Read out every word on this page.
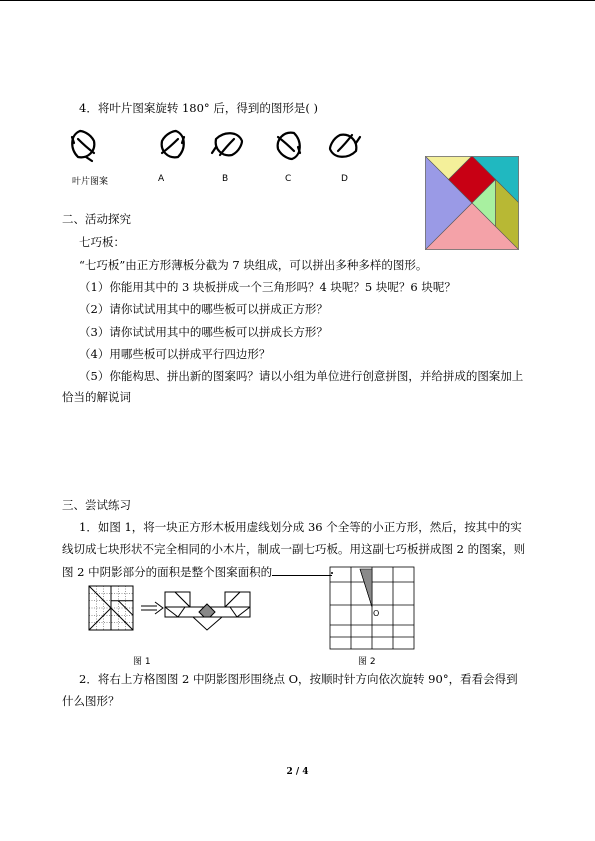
4．将叶片图案旋转 180° 后，得到的图形是( )
叶片图案	A	B	C	D
二、活动探究
七巧板：
“七巧板”由正方形薄板分截为 7 块组成，可以拼出多种多样的图形。
（1）你能用其中的 3 块板拼成一个三角形吗？4 块呢？5 块呢？6 块呢？
（2）请你试试用其中的哪些板可以拼成正方形？
（3）请你试试用其中的哪些板可以拼成长方形？
（4）用哪些板可以拼成平行四边形？
（5）你能构思、拼出新的图案吗？请以小组为单位进行创意拼图，并给拼成的图案加上
恰当的解说词
三、尝试练习
1．如图 1，将一块正方形木板用虚线划分成 36 个全等的小正方形，然后，按其中的实
线切成七块形状不完全相同的小木片，制成一副七巧板。用这副七巧板拼成图 2 的图案，则
图 2 中阴影部分的面积是整个图案面积的
图 1
O
图 2
2．将右上方格图图 2 中阴影图形围绕点 O，按顺时针方向依次旋转 90°，看看会得到
什么图形？
2 / 4
